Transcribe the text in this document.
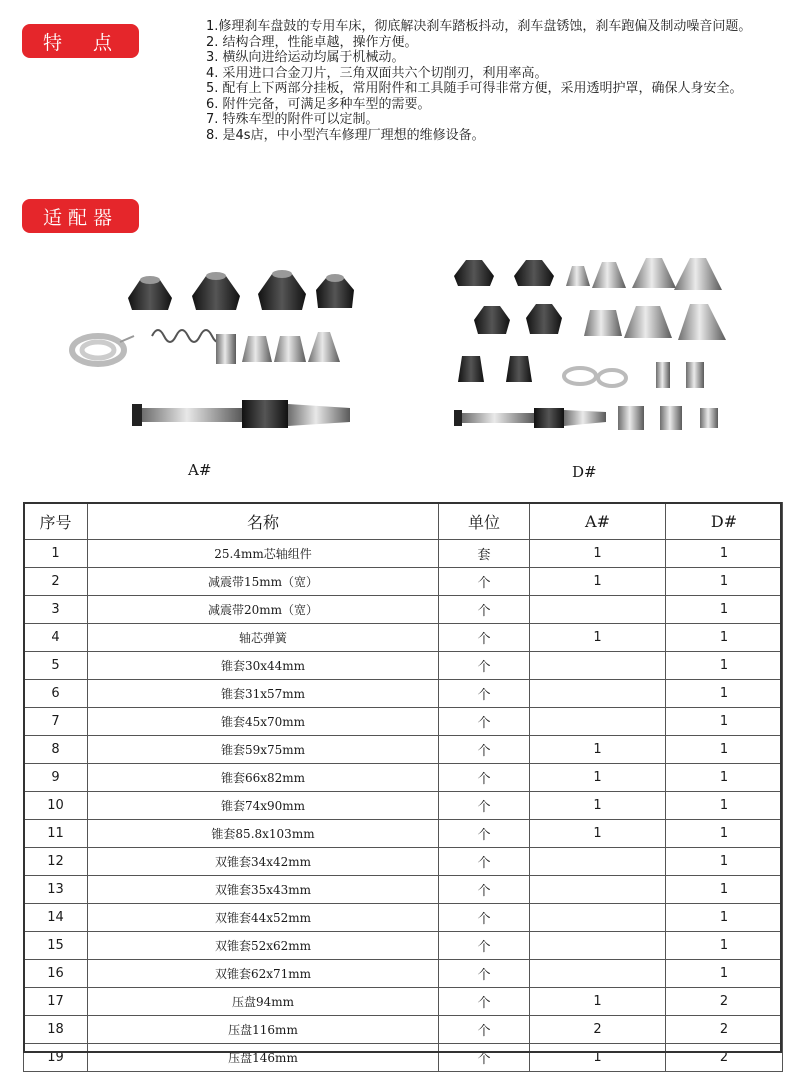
特　点
1.修理刹车盘鼓的专用车床，彻底解决刹车踏板抖动，刹车盘锈蚀，刹车跑偏及制动噪音问题。
2. 结构合理，性能卓越，操作方便。
3. 横纵向进给运动均属于机械动。
4. 采用进口合金刀片，三角双面共六个切削刃，利用率高。
5. 配有上下两部分挂板，常用附件和工具随手可得非常方便，采用透明护罩，确保人身安全。
6. 附件完备，可满足多种车型的需要。
7. 特殊车型的附件可以定制。
8. 是4s店，中小型汽车修理厂理想的维修设备。
适配器
A#	D#
序号	名称	单位	A#	D#
1	25.4mm芯轴组件	套	1	1
2	减震带15mm（宽）	个	1	1
3	减震带20mm（宽）	个		1
4	轴芯弹簧	个	1	1
5	锥套30x44mm	个		1
6	锥套31x57mm	个		1
7	锥套45x70mm	个		1
8	锥套59x75mm	个	1	1
9	锥套66x82mm	个	1	1
10	锥套74x90mm	个	1	1
11	锥套85.8x103mm	个	1	1
12	双锥套34x42mm	个		1
13	双锥套35x43mm	个		1
14	双锥套44x52mm	个		1
15	双锥套52x62mm	个		1
16	双锥套62x71mm	个		1
17	压盘94mm	个	1	2
18	压盘116mm	个	2	2
19	压盘146mm	个	1	2
